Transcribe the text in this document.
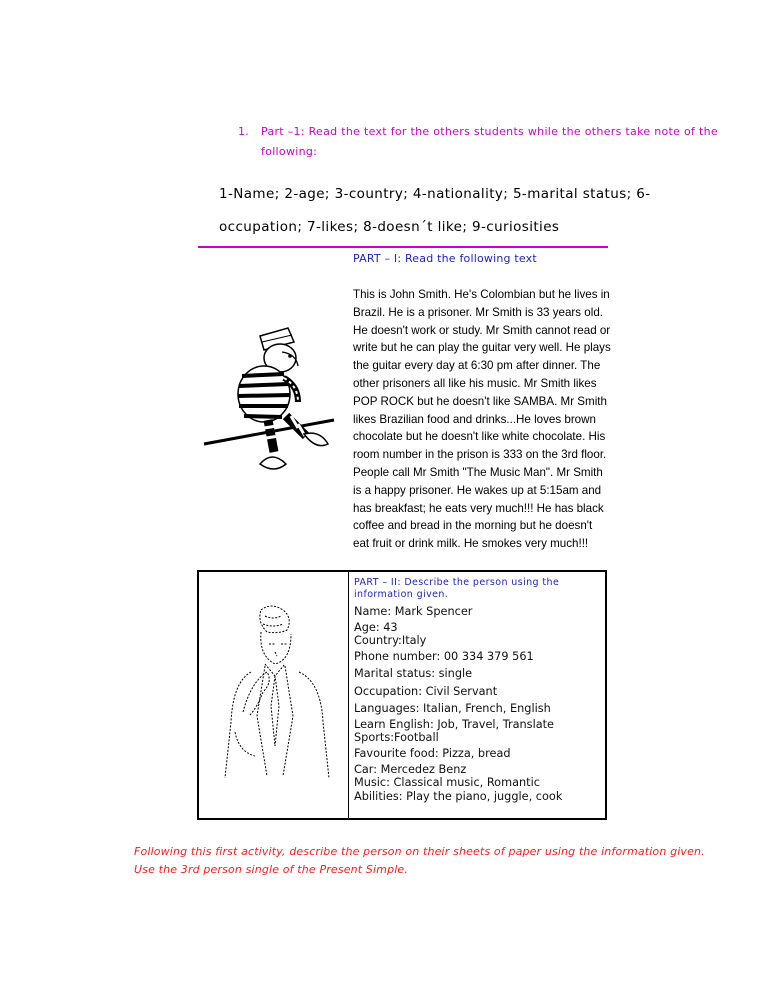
1. Part –1: Read the text for the others students while the others take note of the following:
1-Name; 2-age; 3-country; 4-nationality; 5-marital status; 6-
occupation; 7-likes; 8-doesn´t like; 9-curiosities
PART – I: Read the following text
This is John Smith. He's Colombian but he lives in Brazil. He is a prisoner. Mr Smith is 33 years old. He doesn't work or study. Mr Smith cannot read or write but he can play the guitar very well. He plays the guitar every day at 6:30 pm after dinner. The other prisoners all like his music. Mr Smith likes POP ROCK but he doesn't like SAMBA. Mr Smith likes Brazilian food and drinks...He loves brown chocolate but he doesn't like white chocolate. His room number in the prison is 333 on the 3rd floor. People call Mr Smith "The Music Man". Mr Smith is a happy prisoner. He wakes up at 5:15am and has breakfast; he eats very much!!! He has black coffee and bread in the morning but he doesn't eat fruit or drink milk. He smokes very much!!!
PART – II: Describe the person using the information given.
Name: Mark Spencer
Age: 43
Country:Italy
Phone number: 00 334 379 561
Marital status: single
Occupation: Civil Servant
Languages: Italian, French, English
Learn English: Job, Travel, Translate
Sports:Football
Favourite food: Pizza, bread
Car: Mercedez Benz
Music: Classical music, Romantic
Abilities: Play the piano, juggle, cook
Following this first activity, describe the person on their sheets of paper using the information given.
Use the 3rd person single of the Present Simple.
